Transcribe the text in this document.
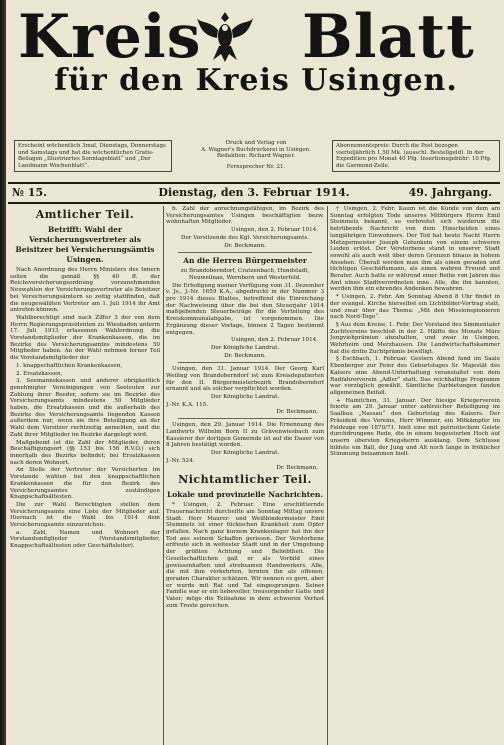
Kreis Blatt
für den Kreis Usingen.
Erscheint wöchentlich 3mal, Dienstags, Donnerstags und Samstags und hat die wöchentlichen Gratis-Beilagen „Illustriertes Sonntagsblatt“ und „Der Landmann Wochenblatt“.
Druck und Verlag von
A. Wagner's Buchdruckerei in Usingen.
Redaktion: Richard Wagner.
Fernsprecher Nr. 21.
Abonnementspreis: Durch die Post bezogen vierteljährlich 1,50 Mk. (ausschl. Bestellgeld). In der Expedition pro Monat 40 Pfg. Insertionsgebühr: 10 Pfg. die Garmond-Zeile.
№ 15.	Dienstag, den 3. Februar 1914.	49. Jahrgang.
Amtlicher Teil.
Betrifft: Wahl der Versicherungsvertreter als Beisitzer bei Versicherungsämtis Usingen.

Nach Anordnung des Herrn Ministers des Innern sollen die gemäß §§ 40 ff. der Reichsversicherungsordnung vorzunehmenden Neuwahlen der Versicherungsvertreter als Beisitzer bei Versicherungsämtern so zeitig stattfinden, daß die neugewählten Vertreter am 1. Juli 1914 ihr Amt antreten können.

Wahlberechtigt sind nach Ziffer 3 der von dem Herrn Regierungspräsidenten zu Wiesbaden unterm 17. Juli 1913 erlassenen Wahlordnung die Vorstandsmitglieder der Krankenkassen, die im Bezirke des Versicherungsamtes mindestens 50 Mitglieder haben. An der Wahl nehmen ferner Teil die Vorstandsmitglieder der

1. knappschaftlichen Krankenkassen,

2. Ersatzkassen,

3. Seemannskassen und anderer obrigkeitlich genehmigter Vereinigungen von Seeleuten zur Zahlung ihrer Reeder, sofern sie im Bezirke des Versicherungsamts mindestens 50 Mitglieder haben, die Ersatzkassen und die außerhalb des Bezirks des Versicherungsamts liegenden Kassen außerdem nur, wenn sie ihre Beteiligung an der Wahl dem Vorsitzer rechtzeitig anmelden, und die Zahl ihrer Mitglieder im Bezirke dargelegt wird.

Maßgebend ist die Zahl der Mitglieder, deren Beschäftigungsort (§§ 153 bis 156 R.V.O.) sich innerhalb des Bezirks befindet; bei Ersatzkassen nach deren Wohnort.

An Stelle der Vertreter der Versicherten im Vorstande wählen bei den knappschaftlichen Krankenkassen die für den Bezirk des Versicherungsamtes zuständigen Knappschaftsältesten.

Die zur Wahl Berechtigten stellen dem Versicherungsamte eine Liste der Mitglieder auf. Hiernach ist die Wahl bis 1914 dem Versicherungsamte einzureichen.

a. Zahl, Namen und Wohnort der Vorstandsmitglieder (Vorstandsmitglieder, Knappschaftsältesten oder Geschäftsleiter).

b. Zahl der anrechnungsfähigen, im Bezirk des Versicherungsamtes Usingen beschäftigten bezw. wohnhaften Mitglieder.

Usingen, den 2. Februar 1914.
Der Vorsitzende des Kgl. Versicherungsamts.
Dr. Beckmann.
An die Herren Bürgermeister
zu Brandoberndorf, Cratzenbach, Hundstadt, Neuweilnau, Wernborn und Westerfeld.

Die Erledigung meiner Verfügung vom 31. Dezember v. Js., J.-Nr. 1659 K.A., abgedruckt in der Nummer 3 pro 1914 dieses Blattes, betreffend die Einreichung der Nachweisung über die bei den Steuerjahr 1914 maßgebenden Steuerbeträge für die Verteilung des Kreiskommunalabgabe, ist vorgenommen. Die Ergänzung dieser Vorlage, binnen 2 Tagen bestimmt entgegen.

Usingen, den 2. Februar 1914.
Der Königliche Landrat.
Dr. Beckmann.

Usingen, den 31. Januar 1914. Der Georg Karl Weiling von Brandoberndorf ist zum Kreisdeputierten für den II. Bürgermeisterbezirk Brandoberndorf ernannt und als solcher verpflichtet worden.

Der Königliche Landrat.
J.-Nr. K.A. 115.
Dr. Beckmann.

Usingen, den 29. Januar 1914. Die Ernennung des Landwirts Wilhelm Born II zu Grävenwiesbach zum Kassierer der dortigen Gemeinde ist auf die Dauer von 8 Jahren bestätigt worden.

Der Königliche Landrat.
J.-Nr. 524.
Dr. Beckmann.
Nichtamtlicher Teil.
Lokale und provinzielle Nachrichten.

* Usingen, 2. Februar. Eine erschütternde Trauernachricht durcheilte am Sonntag Mittag unsere Stadt. Herr Maurer- und Weißbindermeister Emil Steinmetz ist einer tückischen Krankheit zum Opfer gefallen. Nach ganz kurzem Krankenlager hat ihn der Tod aus seinem Schaffen gerissen. Der Verstorbene erfreute sich in weitester Stadt und in der Umgebung der größten Achtung und Beliebtheit. Die Gesellschaftlichen galt er als Vorbild eines gewissenhaften und strebsamen Handwerkers. Alle, die mit ihm verkehrten, lernten ihn als offenen, geraden Charakter schätzen. Wir nennen es gern, aber er wurde mit Rat und Tat eingesprungen. Seiner Familie war er ein liebevoller, treusorgender Gatte und Vater; möge die Teilnahme in dem schweren Verlust zum Troste gereichen.

† Usingen, 2. Febr. Kaum ist die Kunde von dem am Sonntag erfolgten Tode unseres Mitbürgers Herrn Emil Steinmetz bekannt, so verbreitet sich wiederum die betrübende Nachricht von dem Hinscheiden eines langjährigen Einwohners. Der Tod hat heute Nacht Herrn Metzgermeister Joseph Gutenkein von einem schweren Leiden erlöst. Der Verstorbene stand in unserer Stadt sowohl als auch weit über deren Grenzen hinaus in hohem Ansehen. Überall werden man ihm als einen geraden und tüchtigen Geschäftsmann, als einen wahren Freund und Berater. Auch hatte er während einer Reihe von Jahren das Amt eines Stadtverordneten inne. Alle, die ihn kannten, werden ihm ein ehrendes Andenken bewahren.

* Usingen, 2. Febr. Am Sonntag Abend 8 Uhr findet in der evangel. Kirche hierselbst ein Lichtbilder-Vortrag statt, und zwar über das Thema: „Mit den Missionspionieren nach Nord-Togo“.

§ Aus dem Kreise, 1. Febr. Der Vorstand des Simmentaler Zuchtvereins beschloß in der 2. Hälfte des Monats März Jungviehprämien abzuhalten, und zwar in Usingen, Wehrheim und Merzhausen. Die Landwirtschaftskammer hat die dritte Zuchtprämie bewilligt.

§ Eschbach, 1. Februar. Gestern Abend fand im Saale Ebenberger zur Feier des Geburtstages Sr. Majestät des Kaisers eine Abend-Unterhaltung veranstaltet von dem Radfahrerverein „Adler“ statt. Das reichhaltige Programm war vorzüglich gewählt. Sämtliche Darbietungen fanden allgemeinen Beifall.

+ Hainitchen, 31. Januar. Der hiesige Kriegerverein feierte am 29. Januar unter zahlreicher Beteiligung im Saalbau „Nassau“ den Geburtstag des Kaisers. Der Präsident des Vereins, Herr Wimmer, ein Mitkämpfer im Feldzuge von 1870/71, hielt eine mit patriotischem Geiste durchdrungene Rede, die in einem begeisterten Hoch auf unsern obersten Kriegsherrn ausklang. Dem Schlusse bildete ein Ball, der Jung und Alt noch lange in fröhlicher Stimmung beisammen hielt.
